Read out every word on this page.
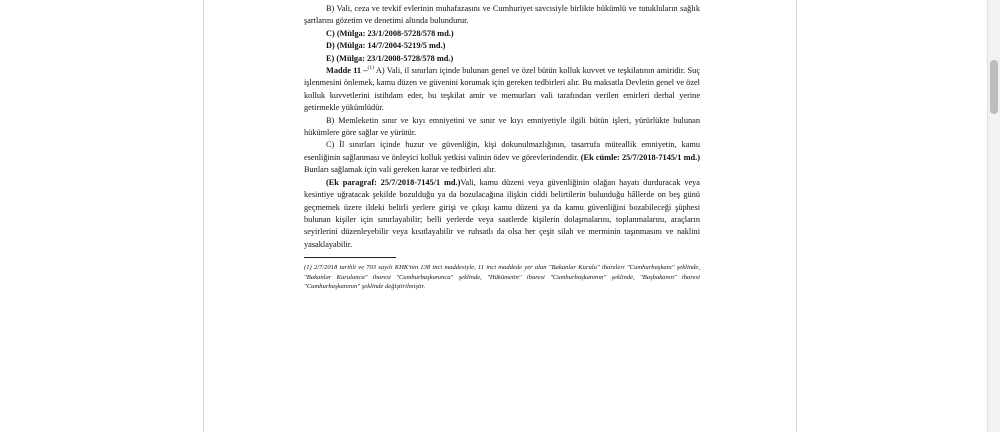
B) Vali, ceza ve tevkif evlerinin muhafazasını ve Cumhuriyet savcısiyle birlikte hükümlü ve tutukluların sağlık şartlarını gözetim ve denetimi altında bulundurur.

C) (Mülga: 23/1/2008-5728/578 md.)

D) (Mülga: 14/7/2004-5219/5 md.)

E) (Mülga: 23/1/2008-5728/578 md.)

Madde 11 –$^{(1)}$ A) Vali, il sınırları içinde bulunan genel ve özel bütün kolluk kuvvet ve teşkilatının amiridir. Suç işlenmesini önlemek, kamu düzen ve güvenini korumak için gereken tedbirleri alır. Bu maksatla Devletin genel ve özel kolluk kuvvetlerini istihdam eder, bu teşkilat amir ve memurları vali tarafından verilen emirleri derhal yerine getirmekle yükümlüdür.

B) Memleketin sınır ve kıyı emniyetini ve sınır ve kıyı emniyetiyle ilgili bütün işleri, yürürlükte bulunan hükümlere göre sağlar ve yürütür.

C) İl sınırları içinde huzur ve güvenliğin, kişi dokunulmazlığının, tasarrufa müteallik emniyetin, kamu esenliğinin sağlanması ve önleyici kolluk yetkisi valinin ödev ve görevlerindendir. (Ek cümle: 25/7/2018-7145/1 md.) Bunları sağlamak için vali gereken karar ve tedbirleri alır.

(Ek paragraf: 25/7/2018-7145/1 md.)Vali, kamu düzeni veya güvenliğinin olağan hayatı durduracak veya kesintiye uğratacak şekilde bozulduğu ya da bozulacağına ilişkin ciddi belirtilerin bulunduğu hâllerde on beş günü geçmemek üzere ildeki belirli yerlere girişi ve çıkışı kamu düzeni ya da kamu güvenliğini bozabileceği şüphesi bulunan kişiler için sınırlayabilir; belli yerlerde veya saatlerde kişilerin dolaşmalarını, toplanmalarını, araçların seyirlerini düzenleyebilir veya kısıtlayabilir ve ruhsatlı da olsa her çeşit silah ve merminin taşınmasını ve naklini yasaklayabilir.

(1) 2/7/2018 tarihli ve 703 sayılı KHK'nin 138 inci maddesiyle, 11 inci maddede yer alan "Bakanlar Kurulu" ibareleri "Cumhurbaşkanı" şeklinde, "Bakanlar Kurulunca" ibaresi "Cumhurbaşkanınca" şeklinde, "Hükümetin" ibaresi "Cumhurbaşkanının" şeklinde, "Başbakanın" ibaresi "Cumhurbaşkanının" şeklinde değiştirilmiştir.
